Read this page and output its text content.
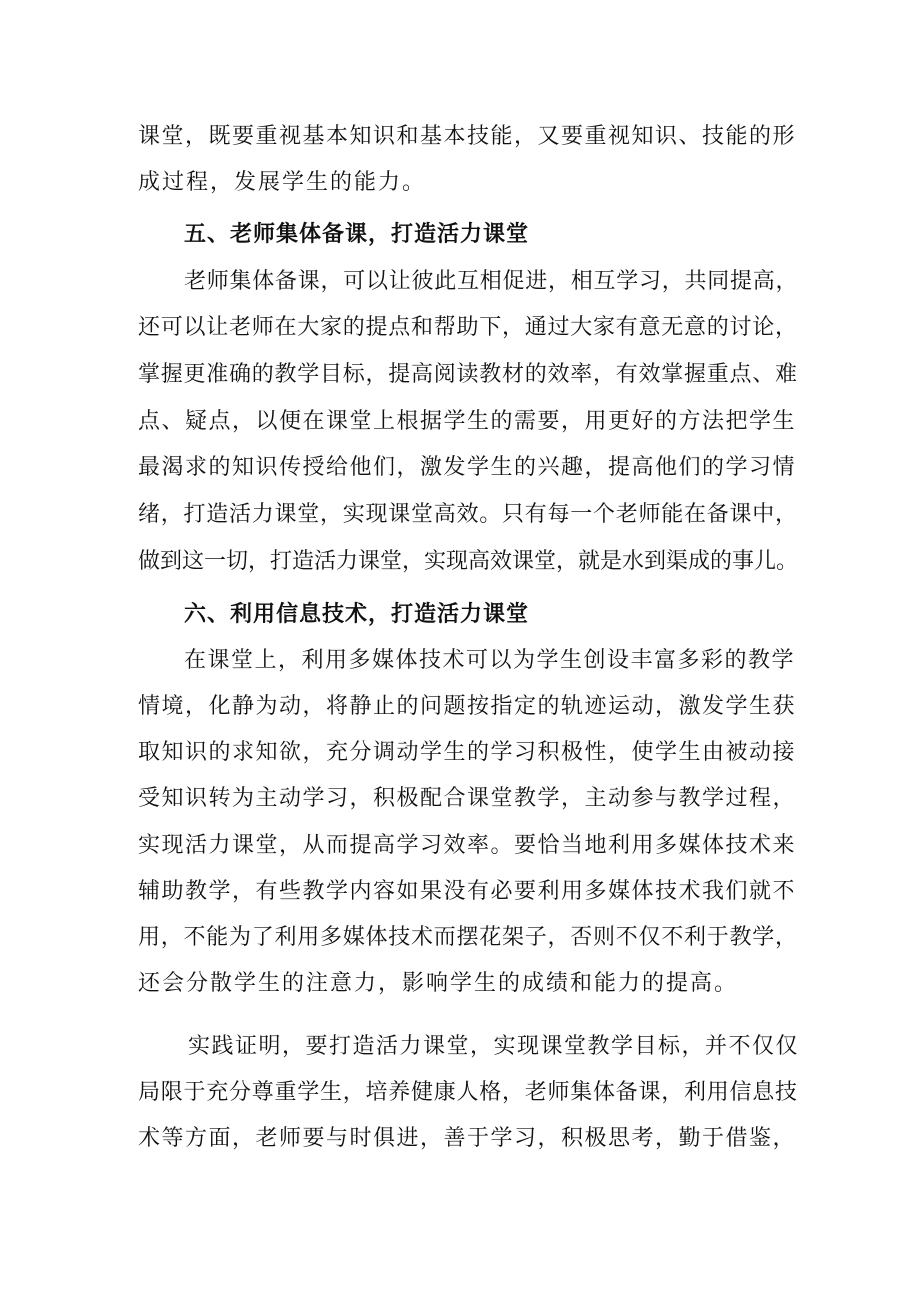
课堂，既要重视基本知识和基本技能，又要重视知识、技能的形
成过程，发展学生的能力。
五、老师集体备课，打造活力课堂
老师集体备课，可以让彼此互相促进，相互学习，共同提高，
还可以让老师在大家的提点和帮助下，通过大家有意无意的讨论，
掌握更准确的教学目标，提高阅读教材的效率，有效掌握重点、难
点、疑点，以便在课堂上根据学生的需要，用更好的方法把学生
最渴求的知识传授给他们，激发学生的兴趣，提高他们的学习情
绪，打造活力课堂，实现课堂高效。只有每一个老师能在备课中，
做到这一切，打造活力课堂，实现高效课堂，就是水到渠成的事儿。
六、利用信息技术，打造活力课堂
在课堂上，利用多媒体技术可以为学生创设丰富多彩的教学
情境，化静为动，将静止的问题按指定的轨迹运动，激发学生获
取知识的求知欲，充分调动学生的学习积极性，使学生由被动接
受知识转为主动学习，积极配合课堂教学，主动参与教学过程，
实现活力课堂，从而提高学习效率。要恰当地利用多媒体技术来
辅助教学，有些教学内容如果没有必要利用多媒体技术我们就不
用，不能为了利用多媒体技术而摆花架子，否则不仅不利于教学，
还会分散学生的注意力，影响学生的成绩和能力的提高。
实践证明，要打造活力课堂，实现课堂教学目标，并不仅仅
局限于充分尊重学生，培养健康人格，老师集体备课，利用信息技
术等方面，老师要与时俱进，善于学习，积极思考，勤于借鉴，
